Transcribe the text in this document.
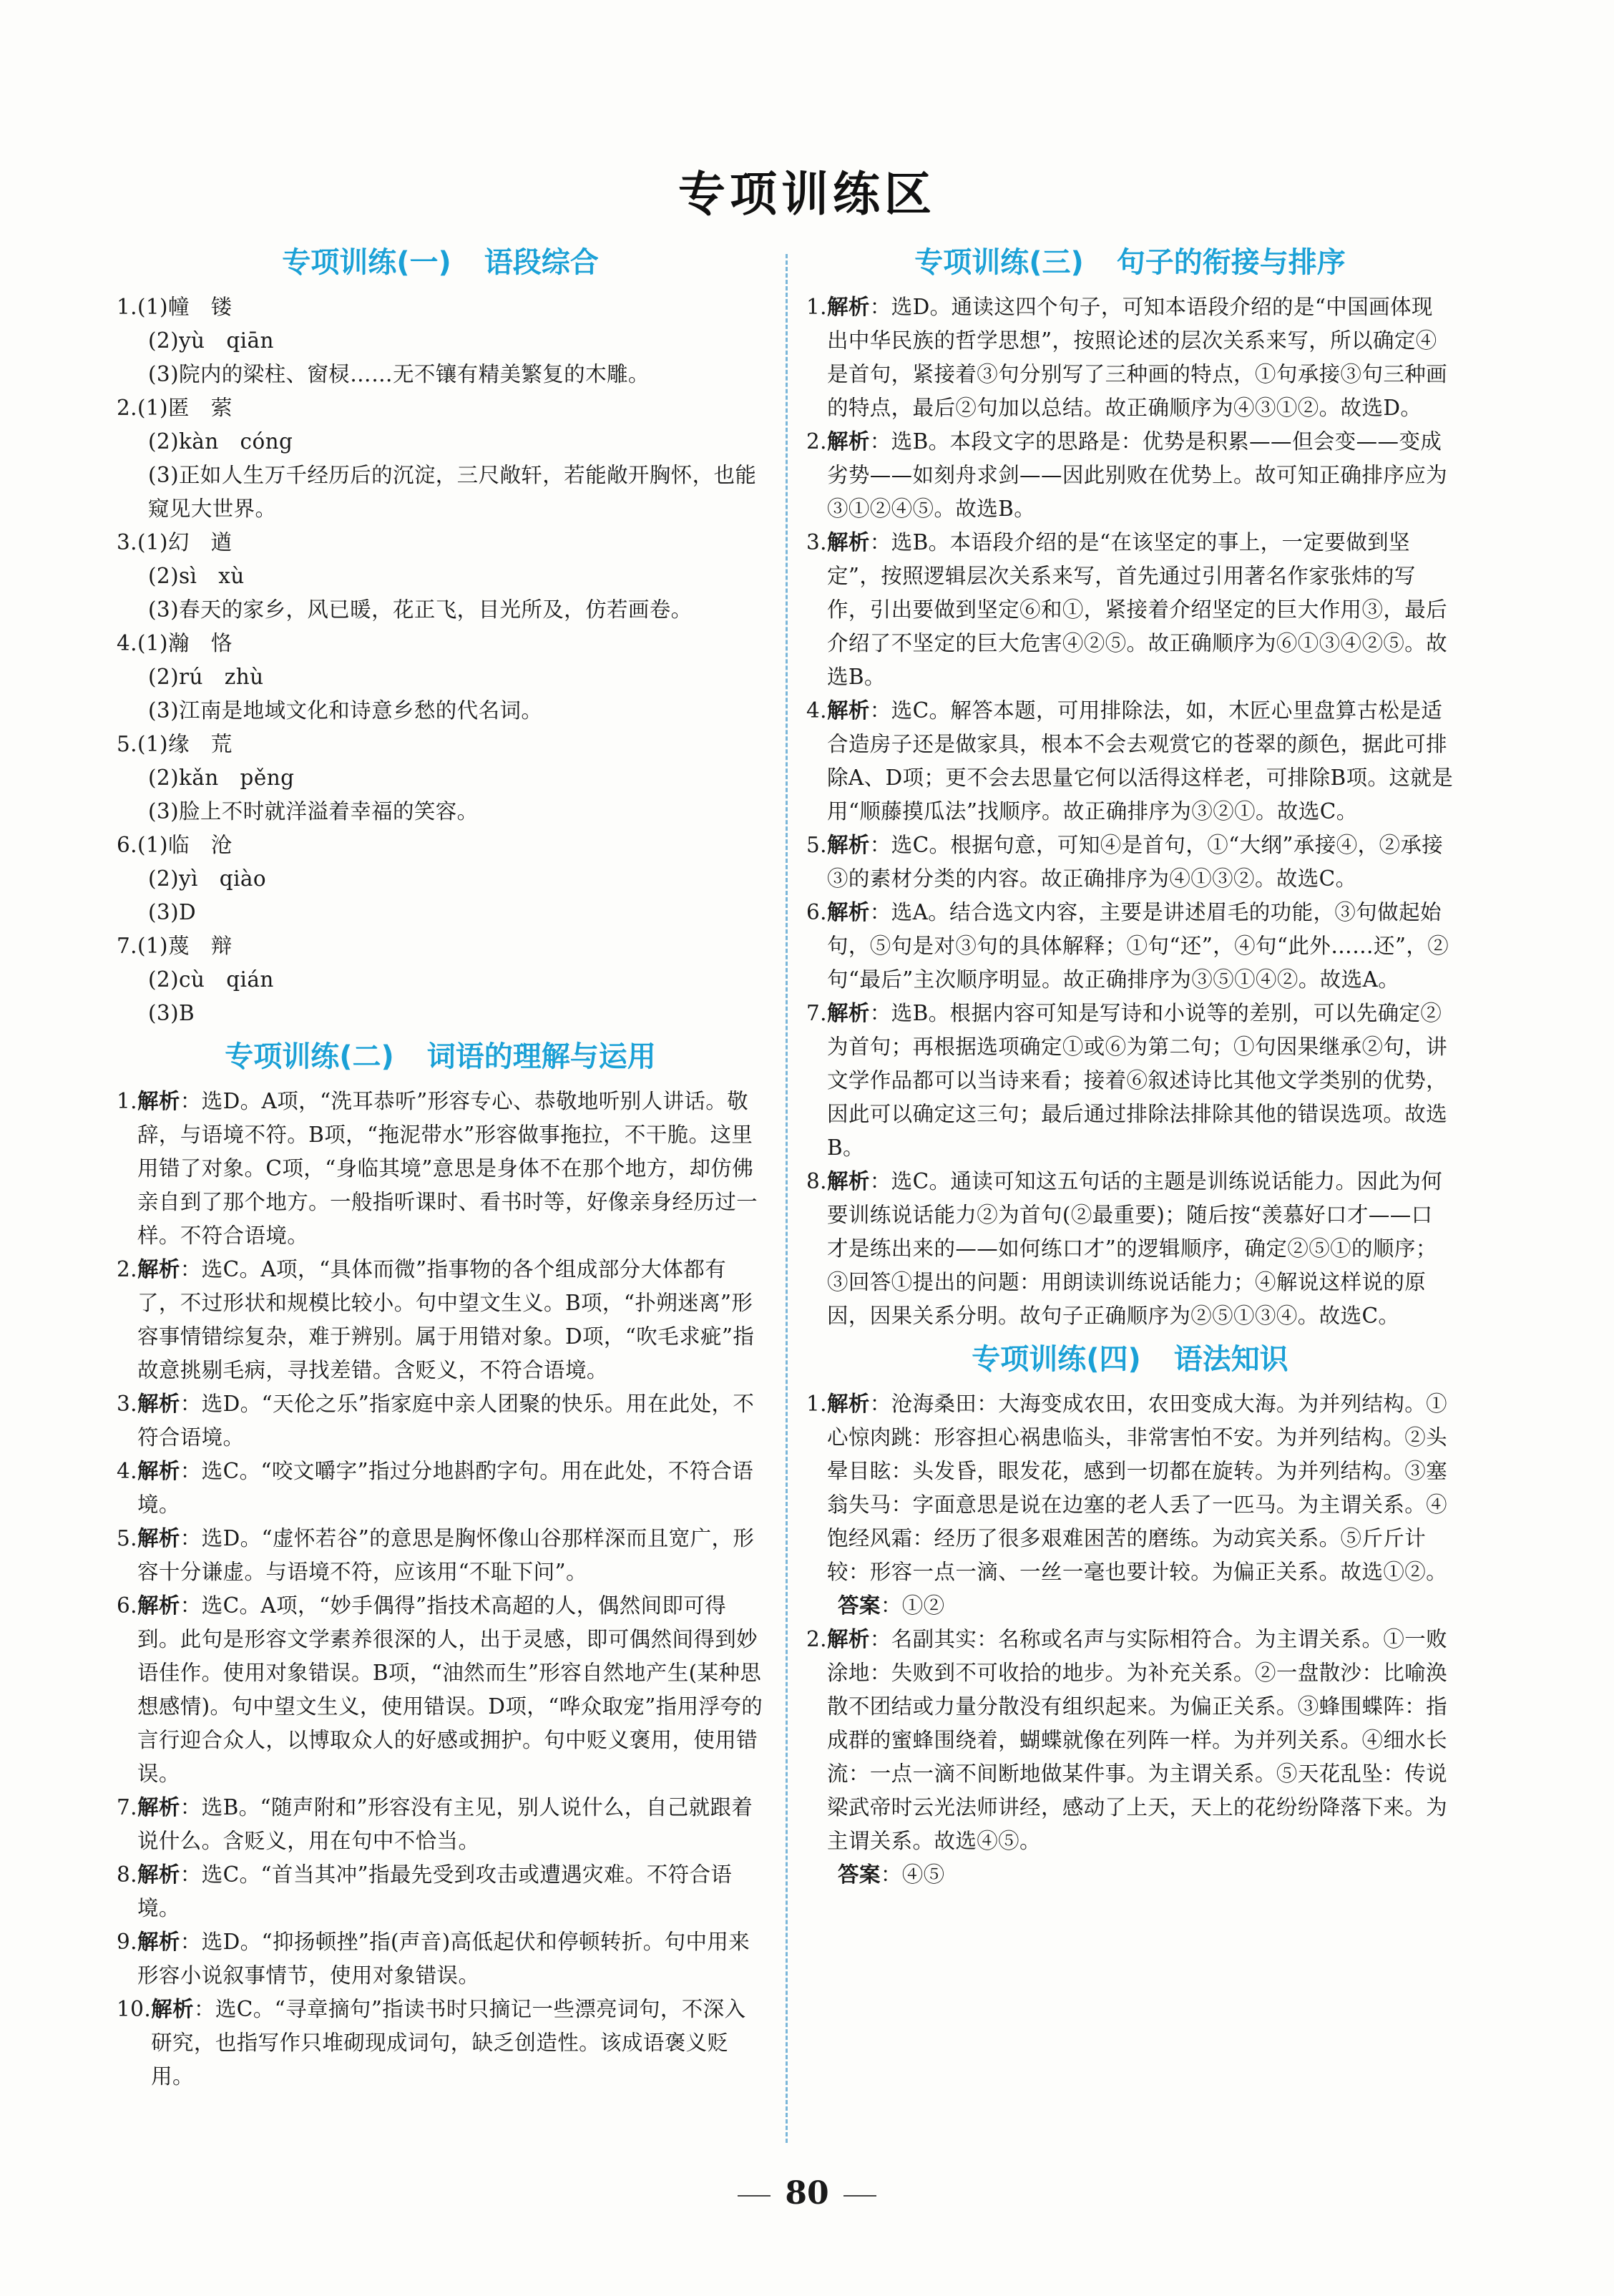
专项训练区
专项训练(一) 语段综合
1. (1)幢　镂
(2)yù　qiān
(3)院内的梁柱、窗棂……无不镶有精美繁复的木雕。
2. (1)匿　萦
(2)kàn　cóng
(3)正如人生万千经历后的沉淀，三尺敞轩，若能敞开胸怀，也能窥见大世界。
3. (1)幻　遒
(2)sì　xù
(3)春天的家乡，风已暖，花正飞，目光所及，仿若画卷。
4. (1)瀚　恪
(2)rú　zhù
(3)江南是地域文化和诗意乡愁的代名词。
5. (1)缘　荒
(2)kǎn　pěng
(3)脸上不时就洋溢着幸福的笑容。
6. (1)临　沧
(2)yì　qiào
(3)D
7. (1)蔑　辩
(2)cù　qián
(3)B
专项训练(二) 词语的理解与运用
1. 解析：选D。A项，“洗耳恭听”形容专心、恭敬地听别人讲话。敬辞，与语境不符。B项，“拖泥带水”形容做事拖拉，不干脆。这里用错了对象。C项，“身临其境”意思是身体不在那个地方，却仿佛亲自到了那个地方。一般指听课时、看书时等，好像亲身经历过一样。不符合语境。
2. 解析：选C。A项，“具体而微”指事物的各个组成部分大体都有了，不过形状和规模比较小。句中望文生义。B项，“扑朔迷离”形容事情错综复杂，难于辨别。属于用错对象。D项，“吹毛求疵”指故意挑剔毛病，寻找差错。含贬义，不符合语境。
3. 解析：选D。“天伦之乐”指家庭中亲人团聚的快乐。用在此处，不符合语境。
4. 解析：选C。“咬文嚼字”指过分地斟酌字句。用在此处，不符合语境。
5. 解析：选D。“虚怀若谷”的意思是胸怀像山谷那样深而且宽广，形容十分谦虚。与语境不符，应该用“不耻下问”。
6. 解析：选C。A项，“妙手偶得”指技术高超的人，偶然间即可得到。此句是形容文学素养很深的人，出于灵感，即可偶然间得到妙语佳作。使用对象错误。B项，“油然而生”形容自然地产生(某种思想感情)。句中望文生义，使用错误。D项，“哗众取宠”指用浮夸的言行迎合众人，以博取众人的好感或拥护。句中贬义褒用，使用错误。
7. 解析：选B。“随声附和”形容没有主见，别人说什么，自己就跟着说什么。含贬义，用在句中不恰当。
8. 解析：选C。“首当其冲”指最先受到攻击或遭遇灾难。不符合语境。
9. 解析：选D。“抑扬顿挫”指(声音)高低起伏和停顿转折。句中用来形容小说叙事情节，使用对象错误。
10. 解析：选C。“寻章摘句”指读书时只摘记一些漂亮词句，不深入研究，也指写作只堆砌现成词句，缺乏创造性。该成语褒义贬用。
专项训练(三) 句子的衔接与排序
1. 解析：选D。通读这四个句子，可知本语段介绍的是“中国画体现出中华民族的哲学思想”，按照论述的层次关系来写，所以确定④是首句，紧接着③句分别写了三种画的特点，①句承接③句三种画的特点，最后②句加以总结。故正确顺序为④③①②。故选D。
2. 解析：选B。本段文字的思路是：优势是积累——但会变——变成劣势——如刻舟求剑——因此别败在优势上。故可知正确排序应为③①②④⑤。故选B。
3. 解析：选B。本语段介绍的是“在该坚定的事上，一定要做到坚定”，按照逻辑层次关系来写，首先通过引用著名作家张炜的写作，引出要做到坚定⑥和①，紧接着介绍坚定的巨大作用③，最后介绍了不坚定的巨大危害④②⑤。故正确顺序为⑥①③④②⑤。故选B。
4. 解析：选C。解答本题，可用排除法，如，木匠心里盘算古松是适合造房子还是做家具，根本不会去观赏它的苍翠的颜色，据此可排除A、D项；更不会去思量它何以活得这样老，可排除B项。这就是用“顺藤摸瓜法”找顺序。故正确排序为③②①。故选C。
5. 解析：选C。根据句意，可知④是首句，①“大纲”承接④，②承接③的素材分类的内容。故正确排序为④①③②。故选C。
6. 解析：选A。结合选文内容，主要是讲述眉毛的功能，③句做起始句，⑤句是对③句的具体解释；①句“还”，④句“此外……还”，②句“最后”主次顺序明显。故正确排序为③⑤①④②。故选A。
7. 解析：选B。根据内容可知是写诗和小说等的差别，可以先确定②为首句；再根据选项确定①或⑥为第二句；①句因果继承②句，讲文学作品都可以当诗来看；接着⑥叙述诗比其他文学类别的优势，因此可以确定这三句；最后通过排除法排除其他的错误选项。故选B。
8. 解析：选C。通读可知这五句话的主题是训练说话能力。因此为何要训练说话能力②为首句(②最重要)；随后按“羡慕好口才——口才是练出来的——如何练口才”的逻辑顺序，确定②⑤①的顺序；③回答①提出的问题：用朗读训练说话能力；④解说这样说的原因，因果关系分明。故句子正确顺序为②⑤①③④。故选C。
专项训练(四) 语法知识
1. 解析：沧海桑田：大海变成农田，农田变成大海。为并列结构。①心惊肉跳：形容担心祸患临头，非常害怕不安。为并列结构。②头晕目眩：头发昏，眼发花，感到一切都在旋转。为并列结构。③塞翁失马：字面意思是说在边塞的老人丢了一匹马。为主谓关系。④饱经风霜：经历了很多艰难困苦的磨练。为动宾关系。⑤斤斤计较：形容一点一滴、一丝一毫也要计较。为偏正关系。故选①②。
答案：①②
2. 解析：名副其实：名称或名声与实际相符合。为主谓关系。①一败涂地：失败到不可收拾的地步。为补充关系。②一盘散沙：比喻涣散不团结或力量分散没有组织起来。为偏正关系。③蜂围蝶阵：指成群的蜜蜂围绕着，蝴蝶就像在列阵一样。为并列关系。④细水长流：一点一滴不间断地做某件事。为主谓关系。⑤天花乱坠：传说梁武帝时云光法师讲经，感动了上天，天上的花纷纷降落下来。为主谓关系。故选④⑤。
答案：④⑤
80
